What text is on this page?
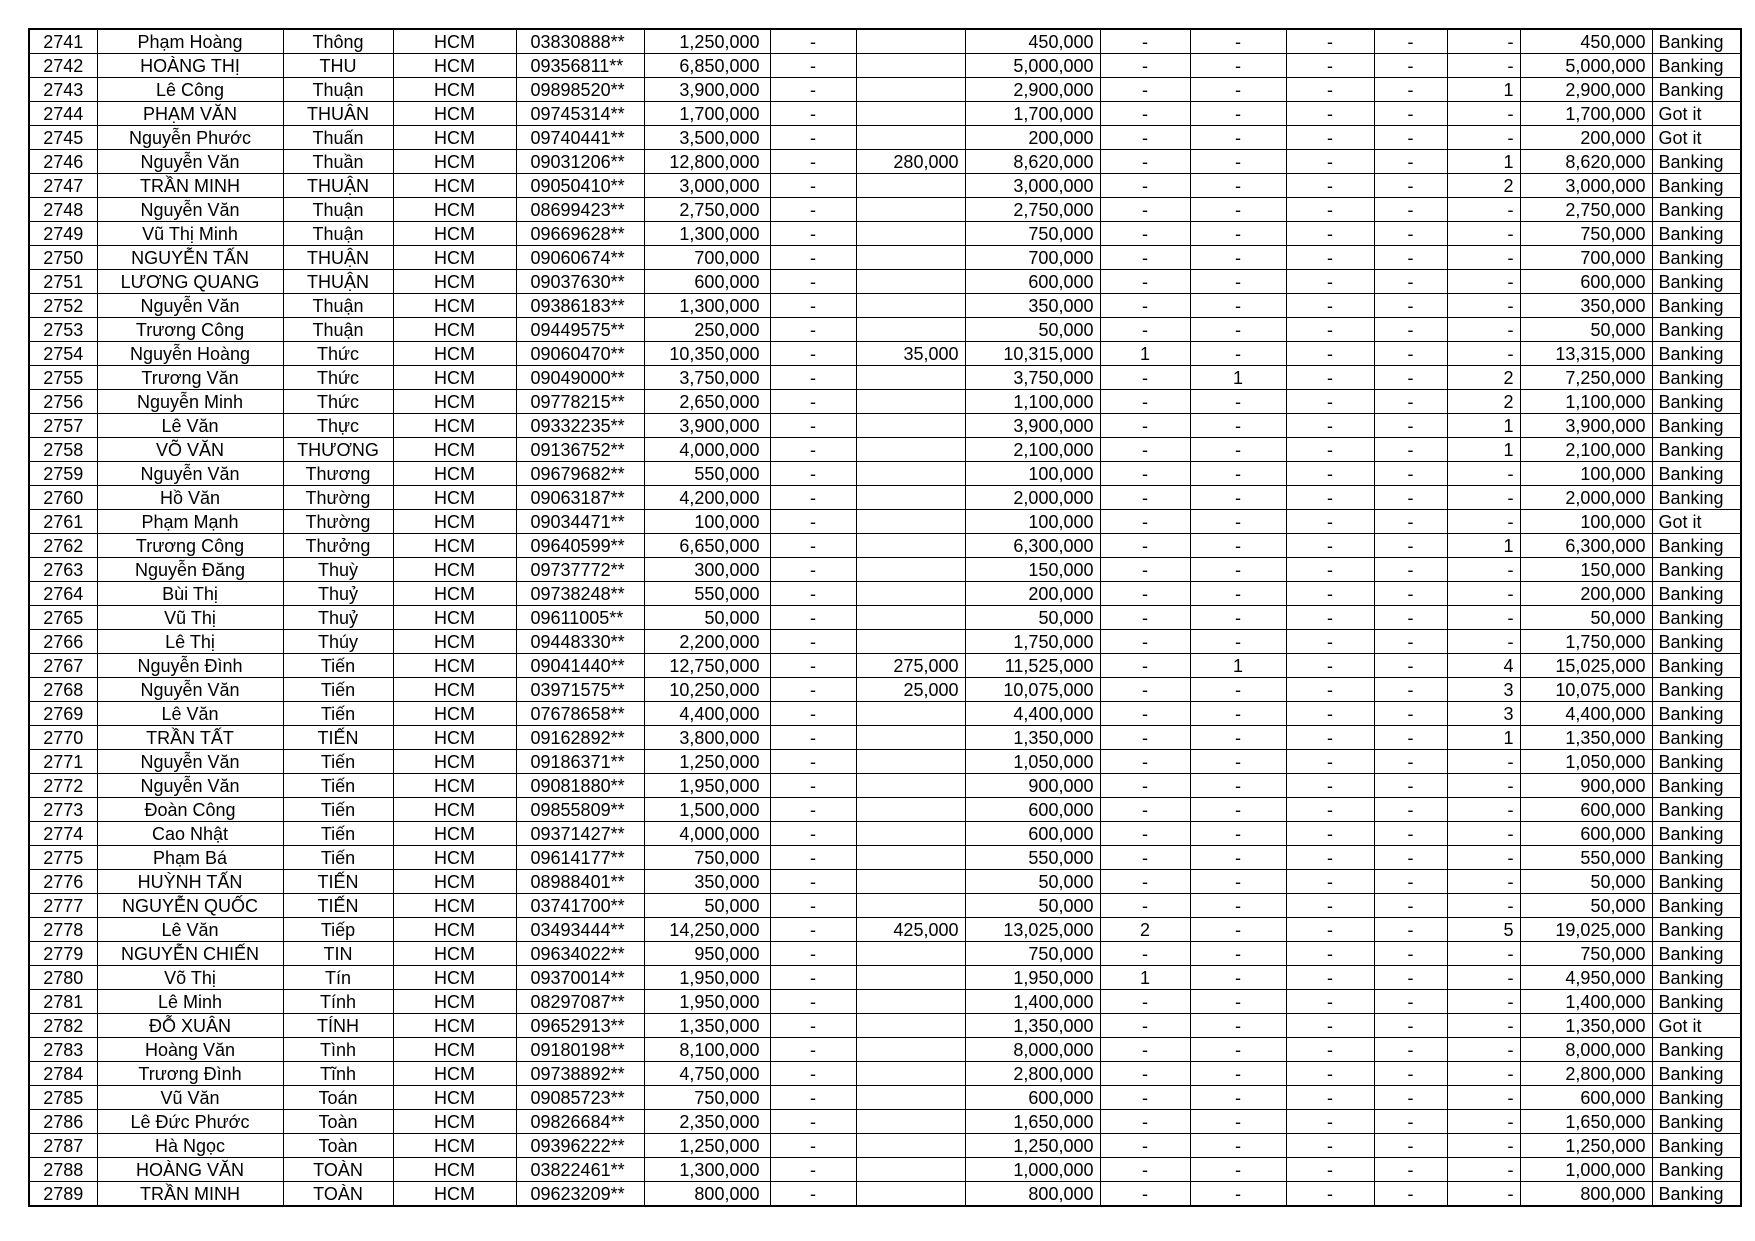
2741	Phạm Hoàng	Thông	HCM	03830888**	1,250,000	-		450,000	-	-	-	-	-	450,000	Banking
2742	HOÀNG THỊ	THU	HCM	09356811**	6,850,000	-		5,000,000	-	-	-	-	-	5,000,000	Banking
2743	Lê Công	Thuận	HCM	09898520**	3,900,000	-		2,900,000	-	-	-	-	1	2,900,000	Banking
2744	PHẠM VĂN	THUÂN	HCM	09745314**	1,700,000	-		1,700,000	-	-	-	-	-	1,700,000	Got it
2745	Nguyễn Phước	Thuấn	HCM	09740441**	3,500,000	-		200,000	-	-	-	-	-	200,000	Got it
2746	Nguyễn Văn	Thuần	HCM	09031206**	12,800,000	-	280,000	8,620,000	-	-	-	-	1	8,620,000	Banking
2747	TRẦN MINH	THUẬN	HCM	09050410**	3,000,000	-		3,000,000	-	-	-	-	2	3,000,000	Banking
2748	Nguyễn Văn	Thuận	HCM	08699423**	2,750,000	-		2,750,000	-	-	-	-	-	2,750,000	Banking
2749	Vũ Thị Minh	Thuận	HCM	09669628**	1,300,000	-		750,000	-	-	-	-	-	750,000	Banking
2750	NGUYỄN TẤN	THUẬN	HCM	09060674**	700,000	-		700,000	-	-	-	-	-	700,000	Banking
2751	LƯƠNG QUANG	THUẬN	HCM	09037630**	600,000	-		600,000	-	-	-	-	-	600,000	Banking
2752	Nguyễn Văn	Thuận	HCM	09386183**	1,300,000	-		350,000	-	-	-	-	-	350,000	Banking
2753	Trương Công	Thuận	HCM	09449575**	250,000	-		50,000	-	-	-	-	-	50,000	Banking
2754	Nguyễn Hoàng	Thức	HCM	09060470**	10,350,000	-	35,000	10,315,000	1	-	-	-	-	13,315,000	Banking
2755	Trương Văn	Thức	HCM	09049000**	3,750,000	-		3,750,000	-	1	-	-	2	7,250,000	Banking
2756	Nguyễn Minh	Thức	HCM	09778215**	2,650,000	-		1,100,000	-	-	-	-	2	1,100,000	Banking
2757	Lê Văn	Thực	HCM	09332235**	3,900,000	-		3,900,000	-	-	-	-	1	3,900,000	Banking
2758	VÕ VĂN	THƯƠNG	HCM	09136752**	4,000,000	-		2,100,000	-	-	-	-	1	2,100,000	Banking
2759	Nguyễn Văn	Thương	HCM	09679682**	550,000	-		100,000	-	-	-	-	-	100,000	Banking
2760	Hồ Văn	Thường	HCM	09063187**	4,200,000	-		2,000,000	-	-	-	-	-	2,000,000	Banking
2761	Phạm Mạnh	Thường	HCM	09034471**	100,000	-		100,000	-	-	-	-	-	100,000	Got it
2762	Trương Công	Thưởng	HCM	09640599**	6,650,000	-		6,300,000	-	-	-	-	1	6,300,000	Banking
2763	Nguyễn Đăng	Thuỳ	HCM	09737772**	300,000	-		150,000	-	-	-	-	-	150,000	Banking
2764	Bùi Thị	Thuỷ	HCM	09738248**	550,000	-		200,000	-	-	-	-	-	200,000	Banking
2765	Vũ Thị	Thuỷ	HCM	09611005**	50,000	-		50,000	-	-	-	-	-	50,000	Banking
2766	Lê Thị	Thúy	HCM	09448330**	2,200,000	-		1,750,000	-	-	-	-	-	1,750,000	Banking
2767	Nguyễn Đình	Tiến	HCM	09041440**	12,750,000	-	275,000	11,525,000	-	1	-	-	4	15,025,000	Banking
2768	Nguyễn Văn	Tiến	HCM	03971575**	10,250,000	-	25,000	10,075,000	-	-	-	-	3	10,075,000	Banking
2769	Lê Văn	Tiến	HCM	07678658**	4,400,000	-		4,400,000	-	-	-	-	3	4,400,000	Banking
2770	TRẦN TẤT	TIẾN	HCM	09162892**	3,800,000	-		1,350,000	-	-	-	-	1	1,350,000	Banking
2771	Nguyễn Văn	Tiến	HCM	09186371**	1,250,000	-		1,050,000	-	-	-	-	-	1,050,000	Banking
2772	Nguyễn Văn	Tiến	HCM	09081880**	1,950,000	-		900,000	-	-	-	-	-	900,000	Banking
2773	Đoàn Công	Tiến	HCM	09855809**	1,500,000	-		600,000	-	-	-	-	-	600,000	Banking
2774	Cao Nhật	Tiến	HCM	09371427**	4,000,000	-		600,000	-	-	-	-	-	600,000	Banking
2775	Phạm Bá	Tiến	HCM	09614177**	750,000	-		550,000	-	-	-	-	-	550,000	Banking
2776	HUỲNH TẤN	TIẾN	HCM	08988401**	350,000	-		50,000	-	-	-	-	-	50,000	Banking
2777	NGUYỄN QUỐC	TIẾN	HCM	03741700**	50,000	-		50,000	-	-	-	-	-	50,000	Banking
2778	Lê Văn	Tiếp	HCM	03493444**	14,250,000	-	425,000	13,025,000	2	-	-	-	5	19,025,000	Banking
2779	NGUYỄN CHIẾN	TIN	HCM	09634022**	950,000	-		750,000	-	-	-	-	-	750,000	Banking
2780	Võ Thị	Tín	HCM	09370014**	1,950,000	-		1,950,000	1	-	-	-	-	4,950,000	Banking
2781	Lê Minh	Tính	HCM	08297087**	1,950,000	-		1,400,000	-	-	-	-	-	1,400,000	Banking
2782	ĐỖ XUÂN	TÍNH	HCM	09652913**	1,350,000	-		1,350,000	-	-	-	-	-	1,350,000	Got it
2783	Hoàng Văn	Tình	HCM	09180198**	8,100,000	-		8,000,000	-	-	-	-	-	8,000,000	Banking
2784	Trương Đình	Tĩnh	HCM	09738892**	4,750,000	-		2,800,000	-	-	-	-	-	2,800,000	Banking
2785	Vũ Văn	Toán	HCM	09085723**	750,000	-		600,000	-	-	-	-	-	600,000	Banking
2786	Lê Đức Phước	Toàn	HCM	09826684**	2,350,000	-		1,650,000	-	-	-	-	-	1,650,000	Banking
2787	Hà Ngọc	Toàn	HCM	09396222**	1,250,000	-		1,250,000	-	-	-	-	-	1,250,000	Banking
2788	HOÀNG VĂN	TOÀN	HCM	03822461**	1,300,000	-		1,000,000	-	-	-	-	-	1,000,000	Banking
2789	TRẦN MINH	TOÀN	HCM	09623209**	800,000	-		800,000	-	-	-	-	-	800,000	Banking
